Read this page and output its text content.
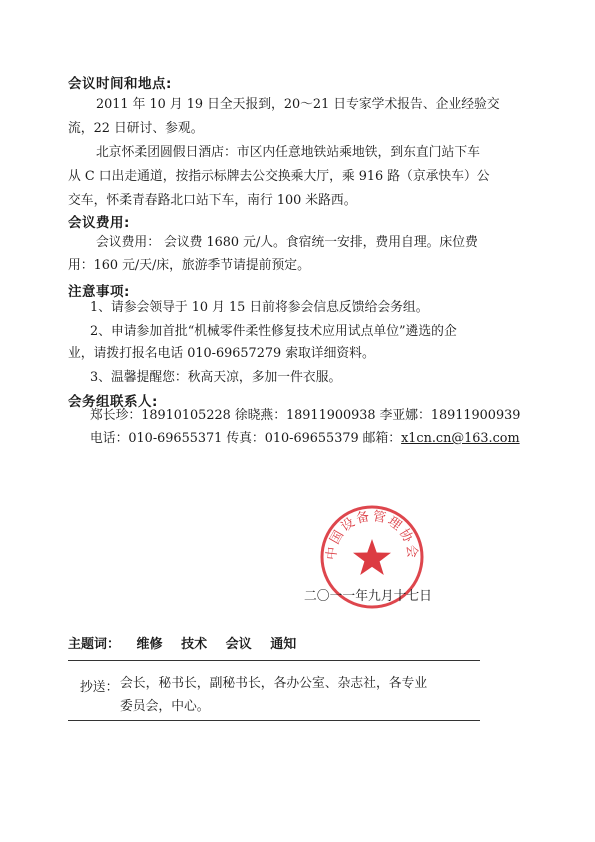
会议时间和地点:
2011 年 10 月 19 日全天报到，20～21 日专家学术报告、企业经验交
流，22 日研讨、参观。
北京怀柔团圆假日酒店：市区内任意地铁站乘地铁，到东直门站下车
从 C 口出走通道，按指示标牌去公交换乘大厅，乘 916 路（京承快车）公
交车，怀柔青春路北口站下车，南行 100 米路西。
会议费用:
会议费用： 会议费 1680 元/人。食宿统一安排，费用自理。床位费
用：160 元/天/床，旅游季节请提前预定。
注意事项:
1、请参会领导于 10 月 15 日前将参会信息反馈给会务组。
2、申请参加首批“机械零件柔性修复技术应用试点单位”遴选的企
业，请拨打报名电话 010-69657279 索取详细资料。
3、温馨提醒您：秋高天凉，多加一件衣服。
会务组联系人:
郑长珍：18910105228 徐晓燕：18911900938 李亚娜：18911900939
电话：010-69655371 传真：010-69655379 邮箱：x1cn.cn@163.com
中国设备管理协会
二〇一一年九月十七日
主题词： 维修 技术 会议 通知
抄送： 会长，秘书长，副秘书长，各办公室、杂志社，各专业
委员会，中心。
